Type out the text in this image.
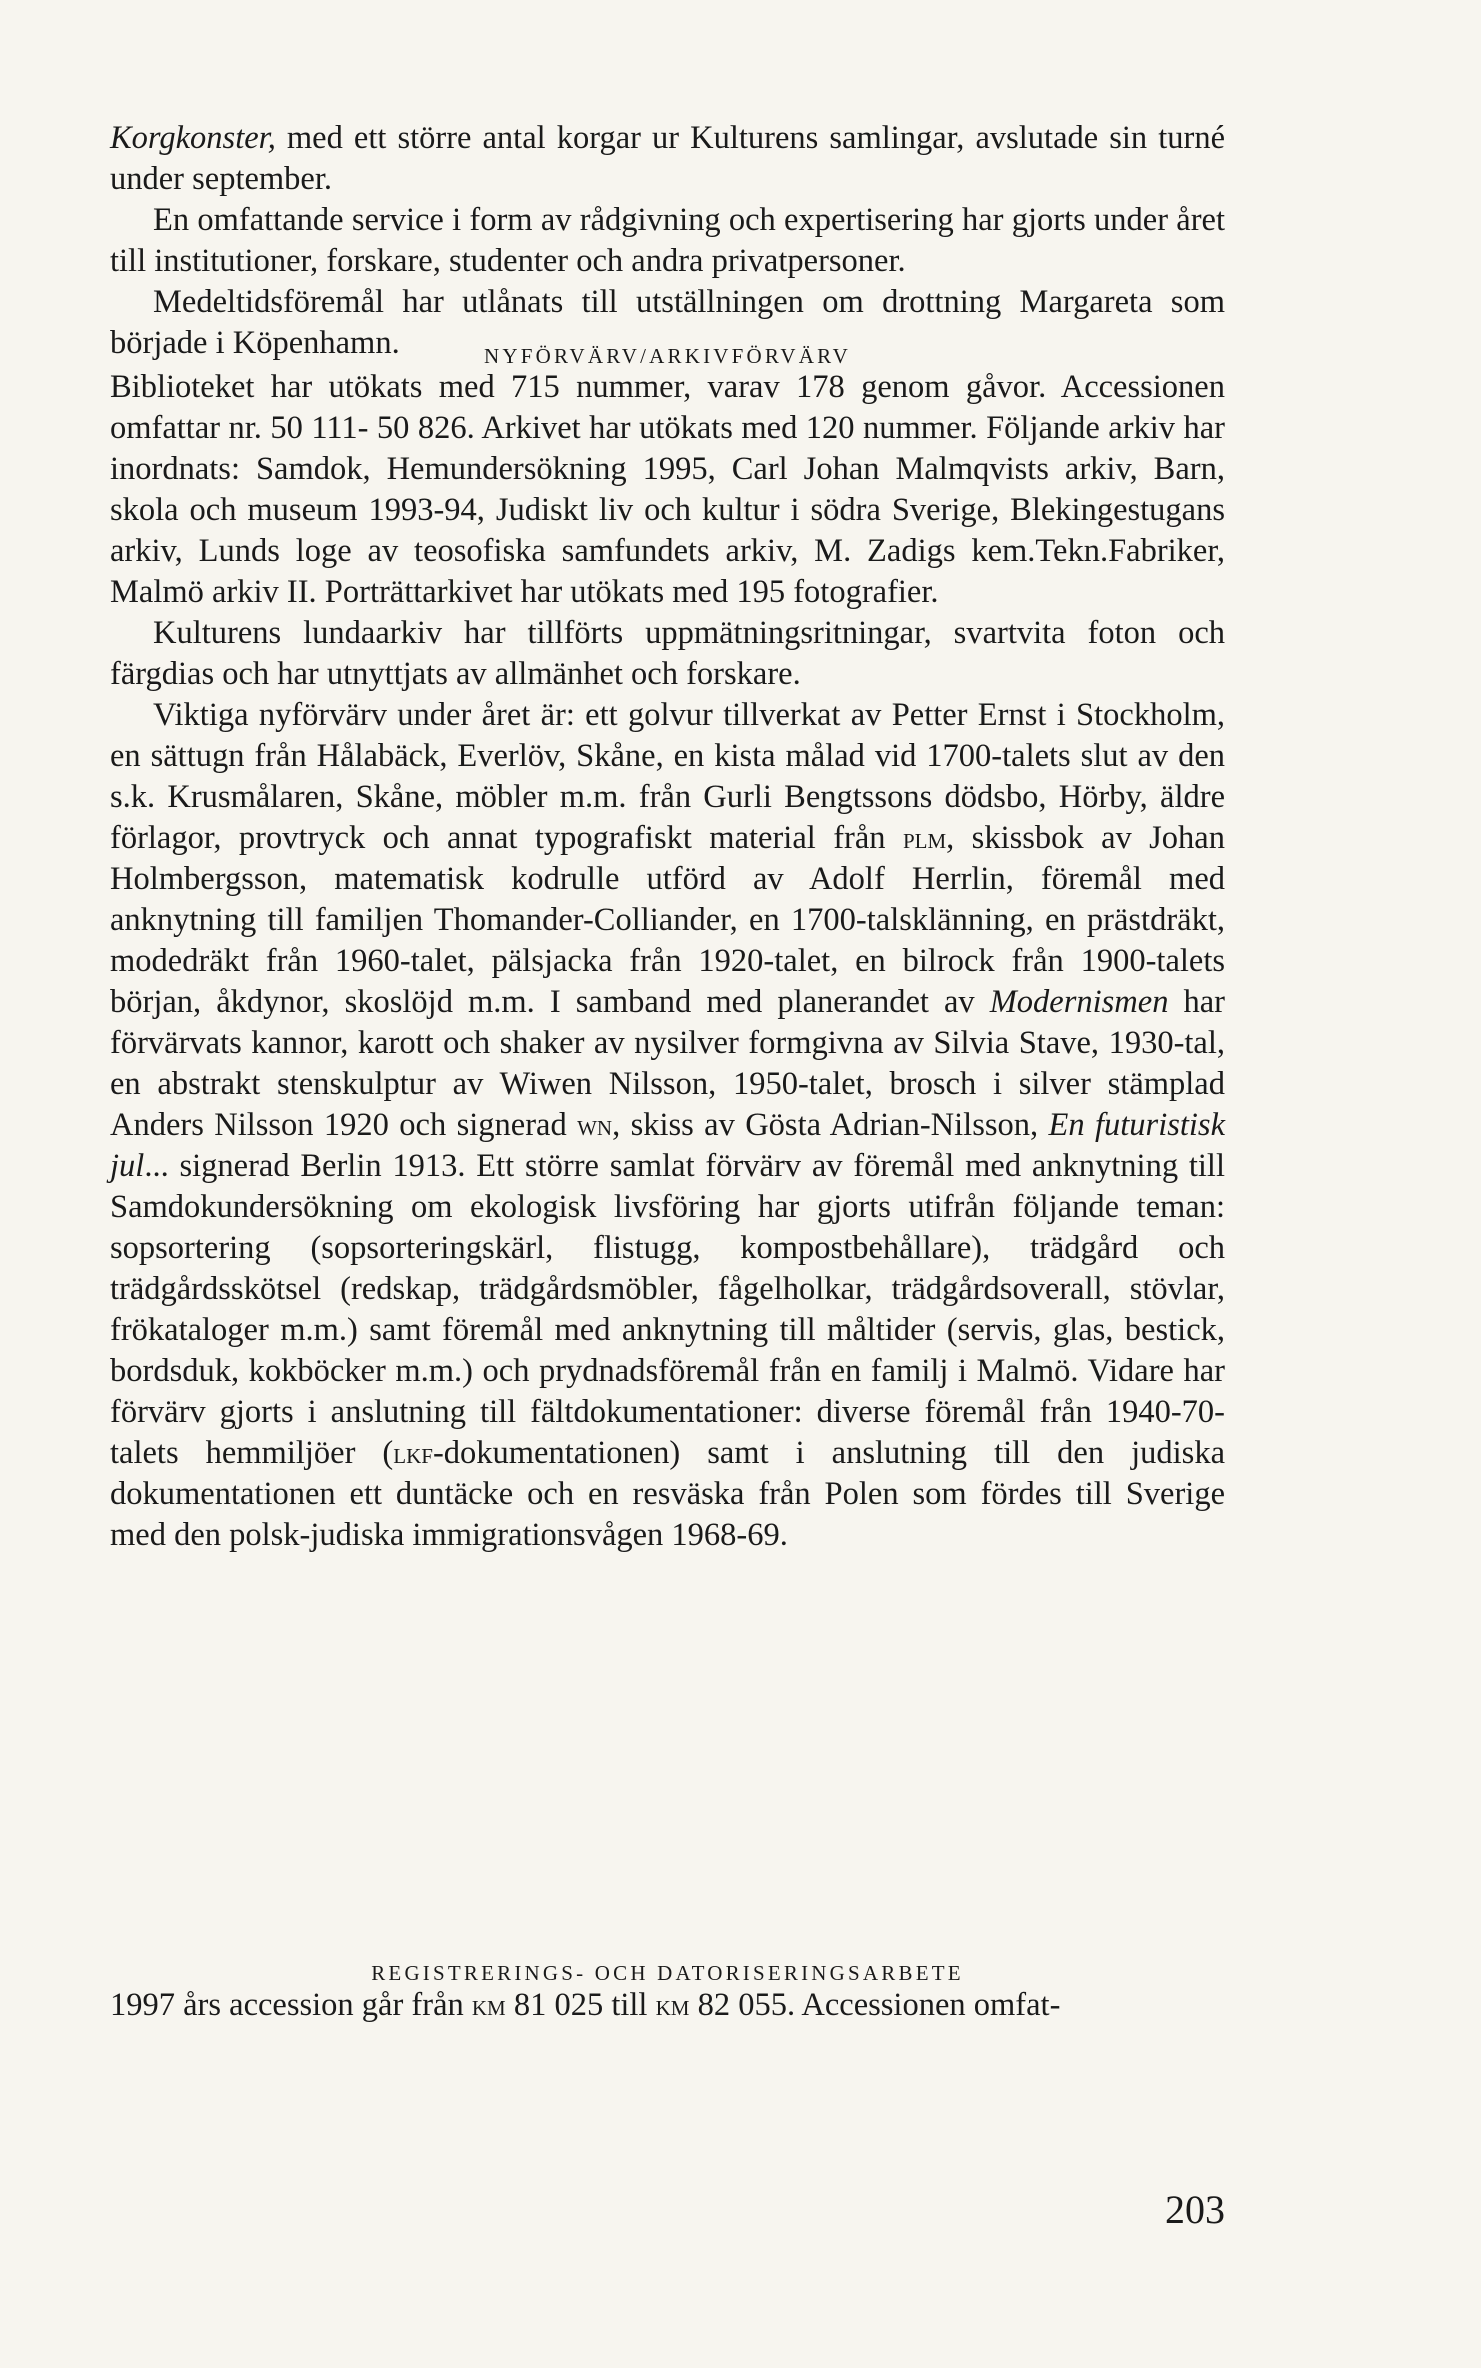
Korgkonster, med ett större antal korgar ur Kulturens samlingar, avslutade sin turné under september.

En omfattande service i form av rådgivning och expertisering har gjorts under året till institutioner, forskare, studenter och andra privatpersoner.

Medeltidsföremål har utlånats till utställningen om drottning Margareta som började i Köpenhamn.	NYFÖRVÄRV/ARKIVFÖRVÄRV

Biblioteket har utökats med 715 nummer, varav 178 genom gåvor. Accessionen omfattar nr. 50 111- 50 826. Arkivet har utökats med 120 nummer. Följande arkiv har inordnats: Samdok, Hemundersökning 1995, Carl Johan Malmqvists arkiv, Barn, skola och museum 1993-94, Judiskt liv och kultur i södra Sverige, Blekingestugans arkiv, Lunds loge av teosofiska samfundets arkiv, M. Zadigs kem.Tekn.Fabriker, Malmö arkiv II. Porträttarkivet har utökats med 195 fotografier.

Kulturens lundaarkiv har tillförts uppmätningsritningar, svartvita foton och färgdias och har utnyttjats av allmänhet och forskare.

Viktiga nyförvärv under året är: ett golvur tillverkat av Petter Ernst i Stockholm, en sättugn från Hålabäck, Everlöv, Skåne, en kista målad vid 1700-talets slut av den s.k. Krusmålaren, Skåne, möbler m.m. från Gurli Bengtssons dödsbo, Hörby, äldre förlagor, provtryck och annat typografiskt material från plm, skissbok av Johan Holmbergsson, matematisk kodrulle utförd av Adolf Herrlin, föremål med anknytning till familjen Thomander-Colliander, en 1700-talsklänning, en prästdräkt, modedräkt från 1960-talet, pälsjacka från 1920-talet, en bilrock från 1900-talets början, åkdynor, skoslöjd m.m. I samband med planerandet av Modernismen har förvärvats kannor, karott och shaker av nysilver formgivna av Silvia Stave, 1930-tal, en abstrakt stenskulptur av Wiwen Nilsson, 1950-talet, brosch i silver stämplad Anders Nilsson 1920 och signerad wn, skiss av Gösta Adrian-Nilsson, En futuristisk jul... signerad Berlin 1913. Ett större samlat förvärv av föremål med anknytning till Samdokundersökning om ekologisk livsföring har gjorts utifrån följande teman: sopsortering (sopsorteringskärl, flistugg, kompostbehållare), trädgård och trädgårdsskötsel (redskap, trädgårdsmöbler, fågelholkar, trädgårdsoverall, stövlar, frökataloger m.m.) samt föremål med anknytning till måltider (servis, glas, bestick, bordsduk, kokböcker m.m.) och prydnadsföremål från en familj i Malmö. Vidare har förvärv gjorts i anslutning till fältdokumentationer: diverse föremål från 1940-70-talets hemmiljöer (lkf-dokumentationen) samt i anslutning till den judiska dokumentationen ett duntäcke och en resväska från Polen som fördes till Sverige med den polsk-judiska immigrationsvågen 1968-69.

REGISTRERINGS- OCH DATORISERINGSARBETE

1997 års accession går från km 81 025 till km 82 055. Accessionen omfat-

203
